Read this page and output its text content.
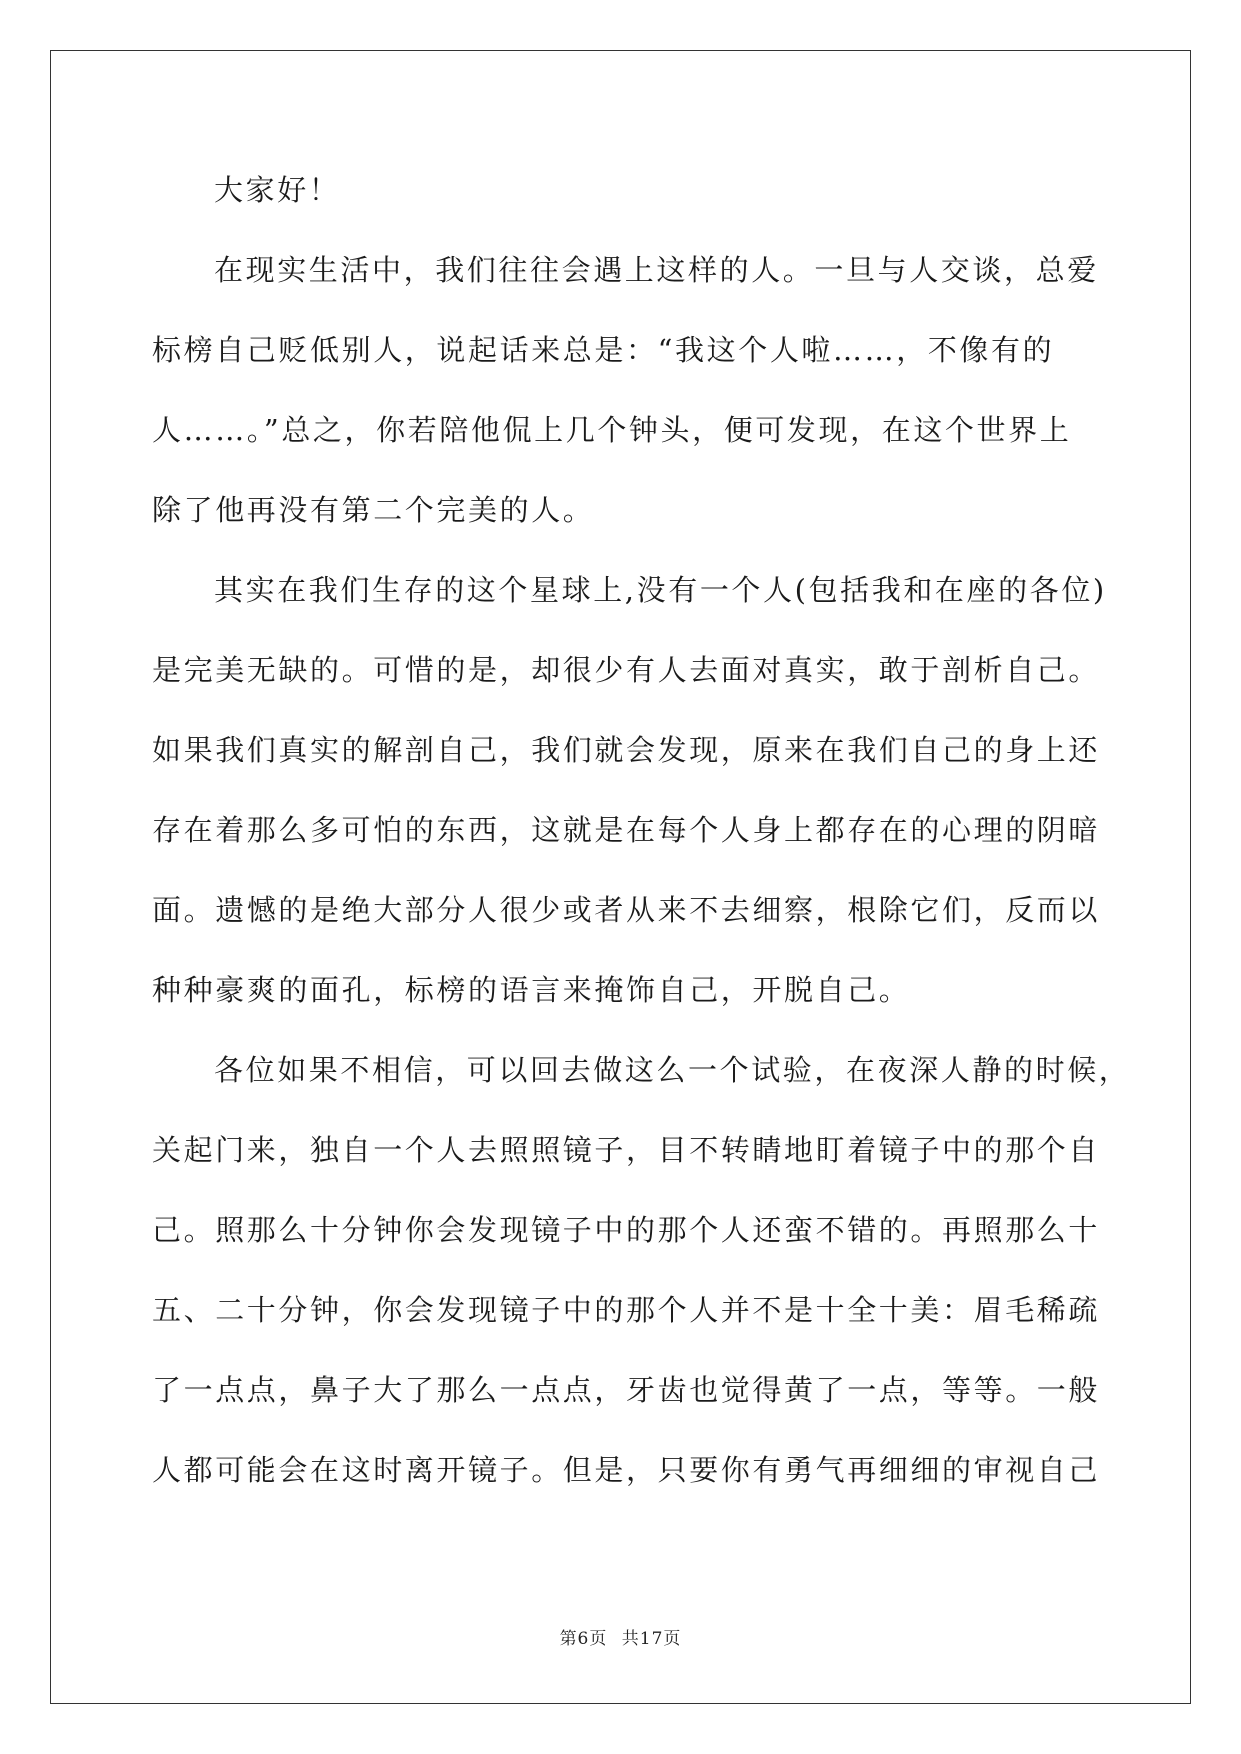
大家好！
在现实生活中，我们往往会遇上这样的人。一旦与人交谈，总爱
标榜自己贬低别人，说起话来总是：“我这个人啦……，不像有的
人……。”总之，你若陪他侃上几个钟头，便可发现，在这个世界上
除了他再没有第二个完美的人。
其实在我们生存的这个星球上,没有一个人(包括我和在座的各位)
是完美无缺的。可惜的是，却很少有人去面对真实，敢于剖析自己。
如果我们真实的解剖自己，我们就会发现，原来在我们自己的身上还
存在着那么多可怕的东西，这就是在每个人身上都存在的心理的阴暗
面。遗憾的是绝大部分人很少或者从来不去细察，根除它们，反而以
种种豪爽的面孔，标榜的语言来掩饰自己，开脱自己。
各位如果不相信，可以回去做这么一个试验，在夜深人静的时候，
关起门来，独自一个人去照照镜子，目不转睛地盯着镜子中的那个自
己。照那么十分钟你会发现镜子中的那个人还蛮不错的。再照那么十
五、二十分钟，你会发现镜子中的那个人并不是十全十美：眉毛稀疏
了一点点，鼻子大了那么一点点，牙齿也觉得黄了一点，等等。一般
人都可能会在这时离开镜子。但是，只要你有勇气再细细的审视自己
第6页 共17页
